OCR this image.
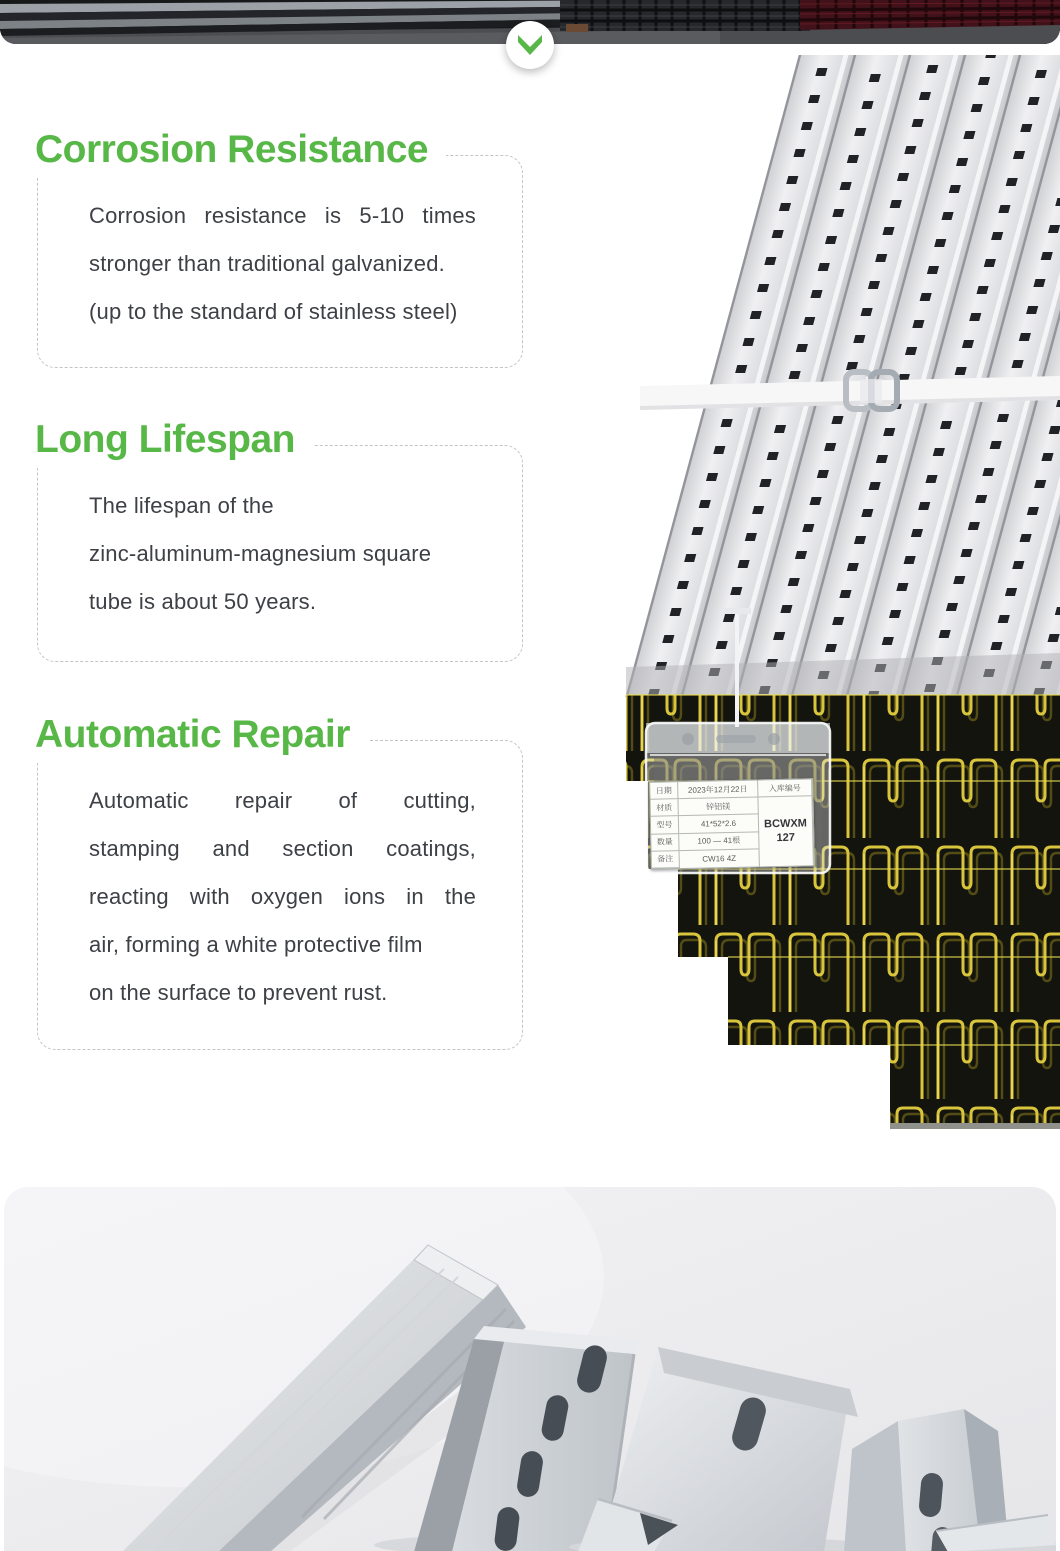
日期	2023年12月22日	入库编号
材质	锌铝镁
BCWXM
127
型号	41*52*2.6
数量	100 — 41根
备注	CW16 4Z

Corrosion resistance is 5-10 times

stronger than traditional galvanized.

(up to the standard of stainless steel)

Corrosion Resistance

The lifespan of the

zinc-aluminum-magnesium square

tube is about 50 years.

Long Lifespan

Automatic repair of cutting,

stamping and section coatings,

reacting with oxygen ions in the

air, forming a white protective film

on the surface to prevent rust.

Automatic Repair
